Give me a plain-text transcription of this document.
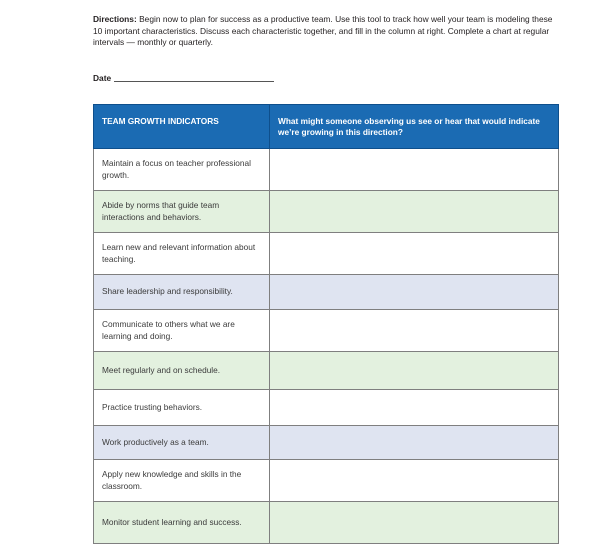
Directions: Begin now to plan for success as a productive team. Use this tool to track how well your team is modeling these 10 important characteristics. Discuss each characteristic together, and fill in the column at right. Complete a chart at regular intervals — monthly or quarterly.
Date
TEAM GROWTH INDICATORS	What might someone observing us see or hear that would indicate we’re growing in this direction?
Maintain a focus on teacher professional growth.	
Abide by norms that guide team interactions and behaviors.	
Learn new and relevant information about teaching.	
Share leadership and responsibility.	
Communicate to others what we are learning and doing.	
Meet regularly and on schedule.	
Practice trusting behaviors.	
Work productively as a team.	
Apply new knowledge and skills in the classroom.	
Monitor student learning and success.	
